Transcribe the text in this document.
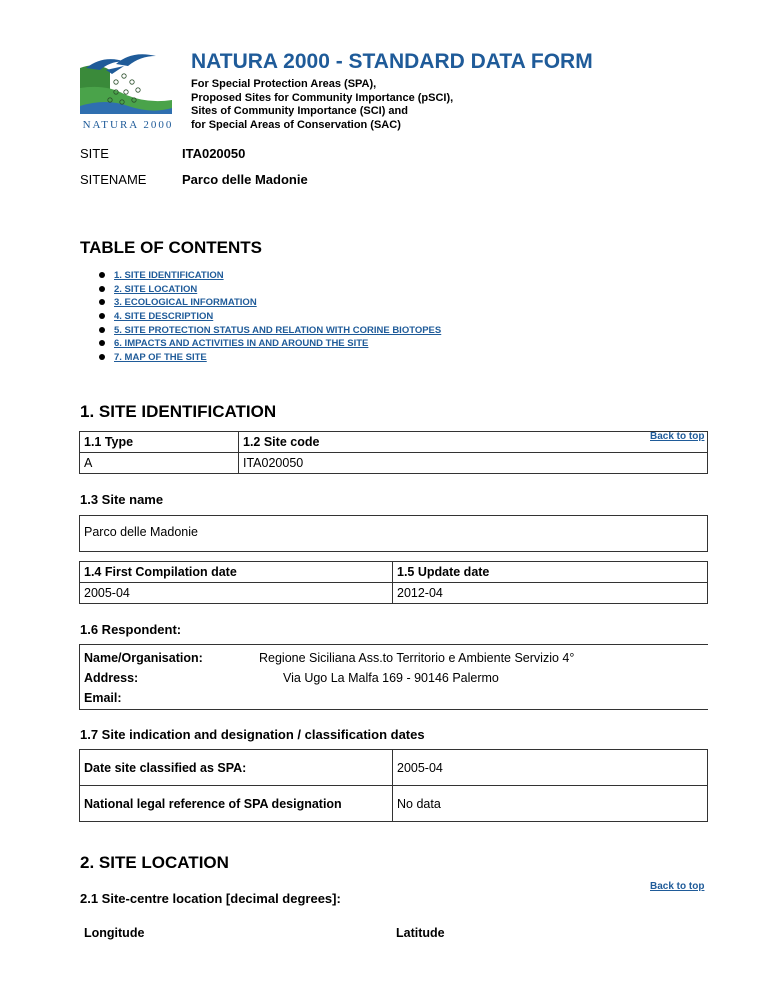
NATURA 2000
NATURA 2000 - STANDARD DATA FORM
For Special Protection Areas (SPA),
Proposed Sites for Community Importance (pSCI),
Sites of Community Importance (SCI) and
for Special Areas of Conservation (SAC)
SITE	ITA020050
SITENAME	Parco delle Madonie
TABLE OF CONTENTS
1. SITE IDENTIFICATION
2. SITE LOCATION
3. ECOLOGICAL INFORMATION
4. SITE DESCRIPTION
5. SITE PROTECTION STATUS AND RELATION WITH CORINE BIOTOPES
6. IMPACTS AND ACTIVITIES IN AND AROUND THE SITE
7. MAP OF THE SITE
1. SITE IDENTIFICATION
Back to top
1.1 Type	1.2 Site code
A	ITA020050
1.3 Site name
Parco delle Madonie
1.4 First Compilation date	1.5 Update date
2005-04	2012-04
1.6 Respondent:
Name/Organisation:	Regione Siciliana Ass.to Territorio e Ambiente Servizio 4°
Address:	Via Ugo La Malfa 169 - 90146 Palermo
Email:
1.7 Site indication and designation / classification dates
Date site classified as SPA:	2005-04
National legal reference of SPA designation	No data
2. SITE LOCATION
Back to top
2.1 Site-centre location [decimal degrees]:
Longitude	Latitude
